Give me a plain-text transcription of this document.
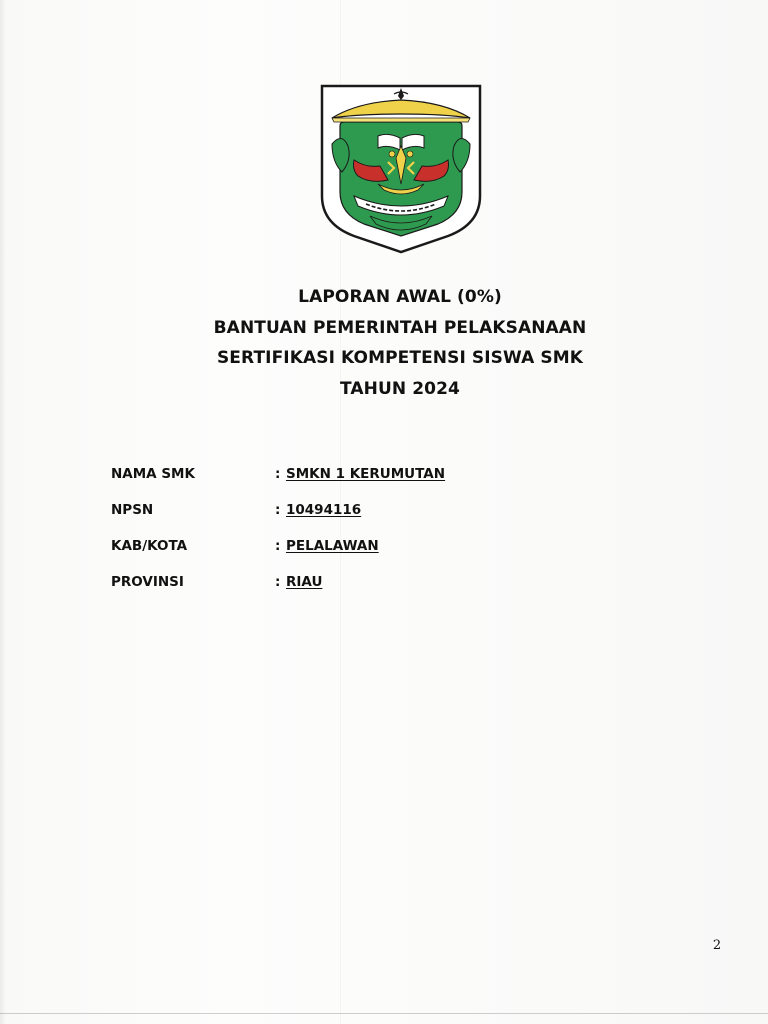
LAPORAN AWAL (0%)
BANTUAN PEMERINTAH PELAKSANAAN
SERTIFIKASI KOMPETENSI SISWA SMK
TAHUN 2024
NAMA SMK	: SMKN 1 KERUMUTAN
NPSN	: 10494116
KAB/KOTA	: PELALAWAN
PROVINSI	: RIAU
2
